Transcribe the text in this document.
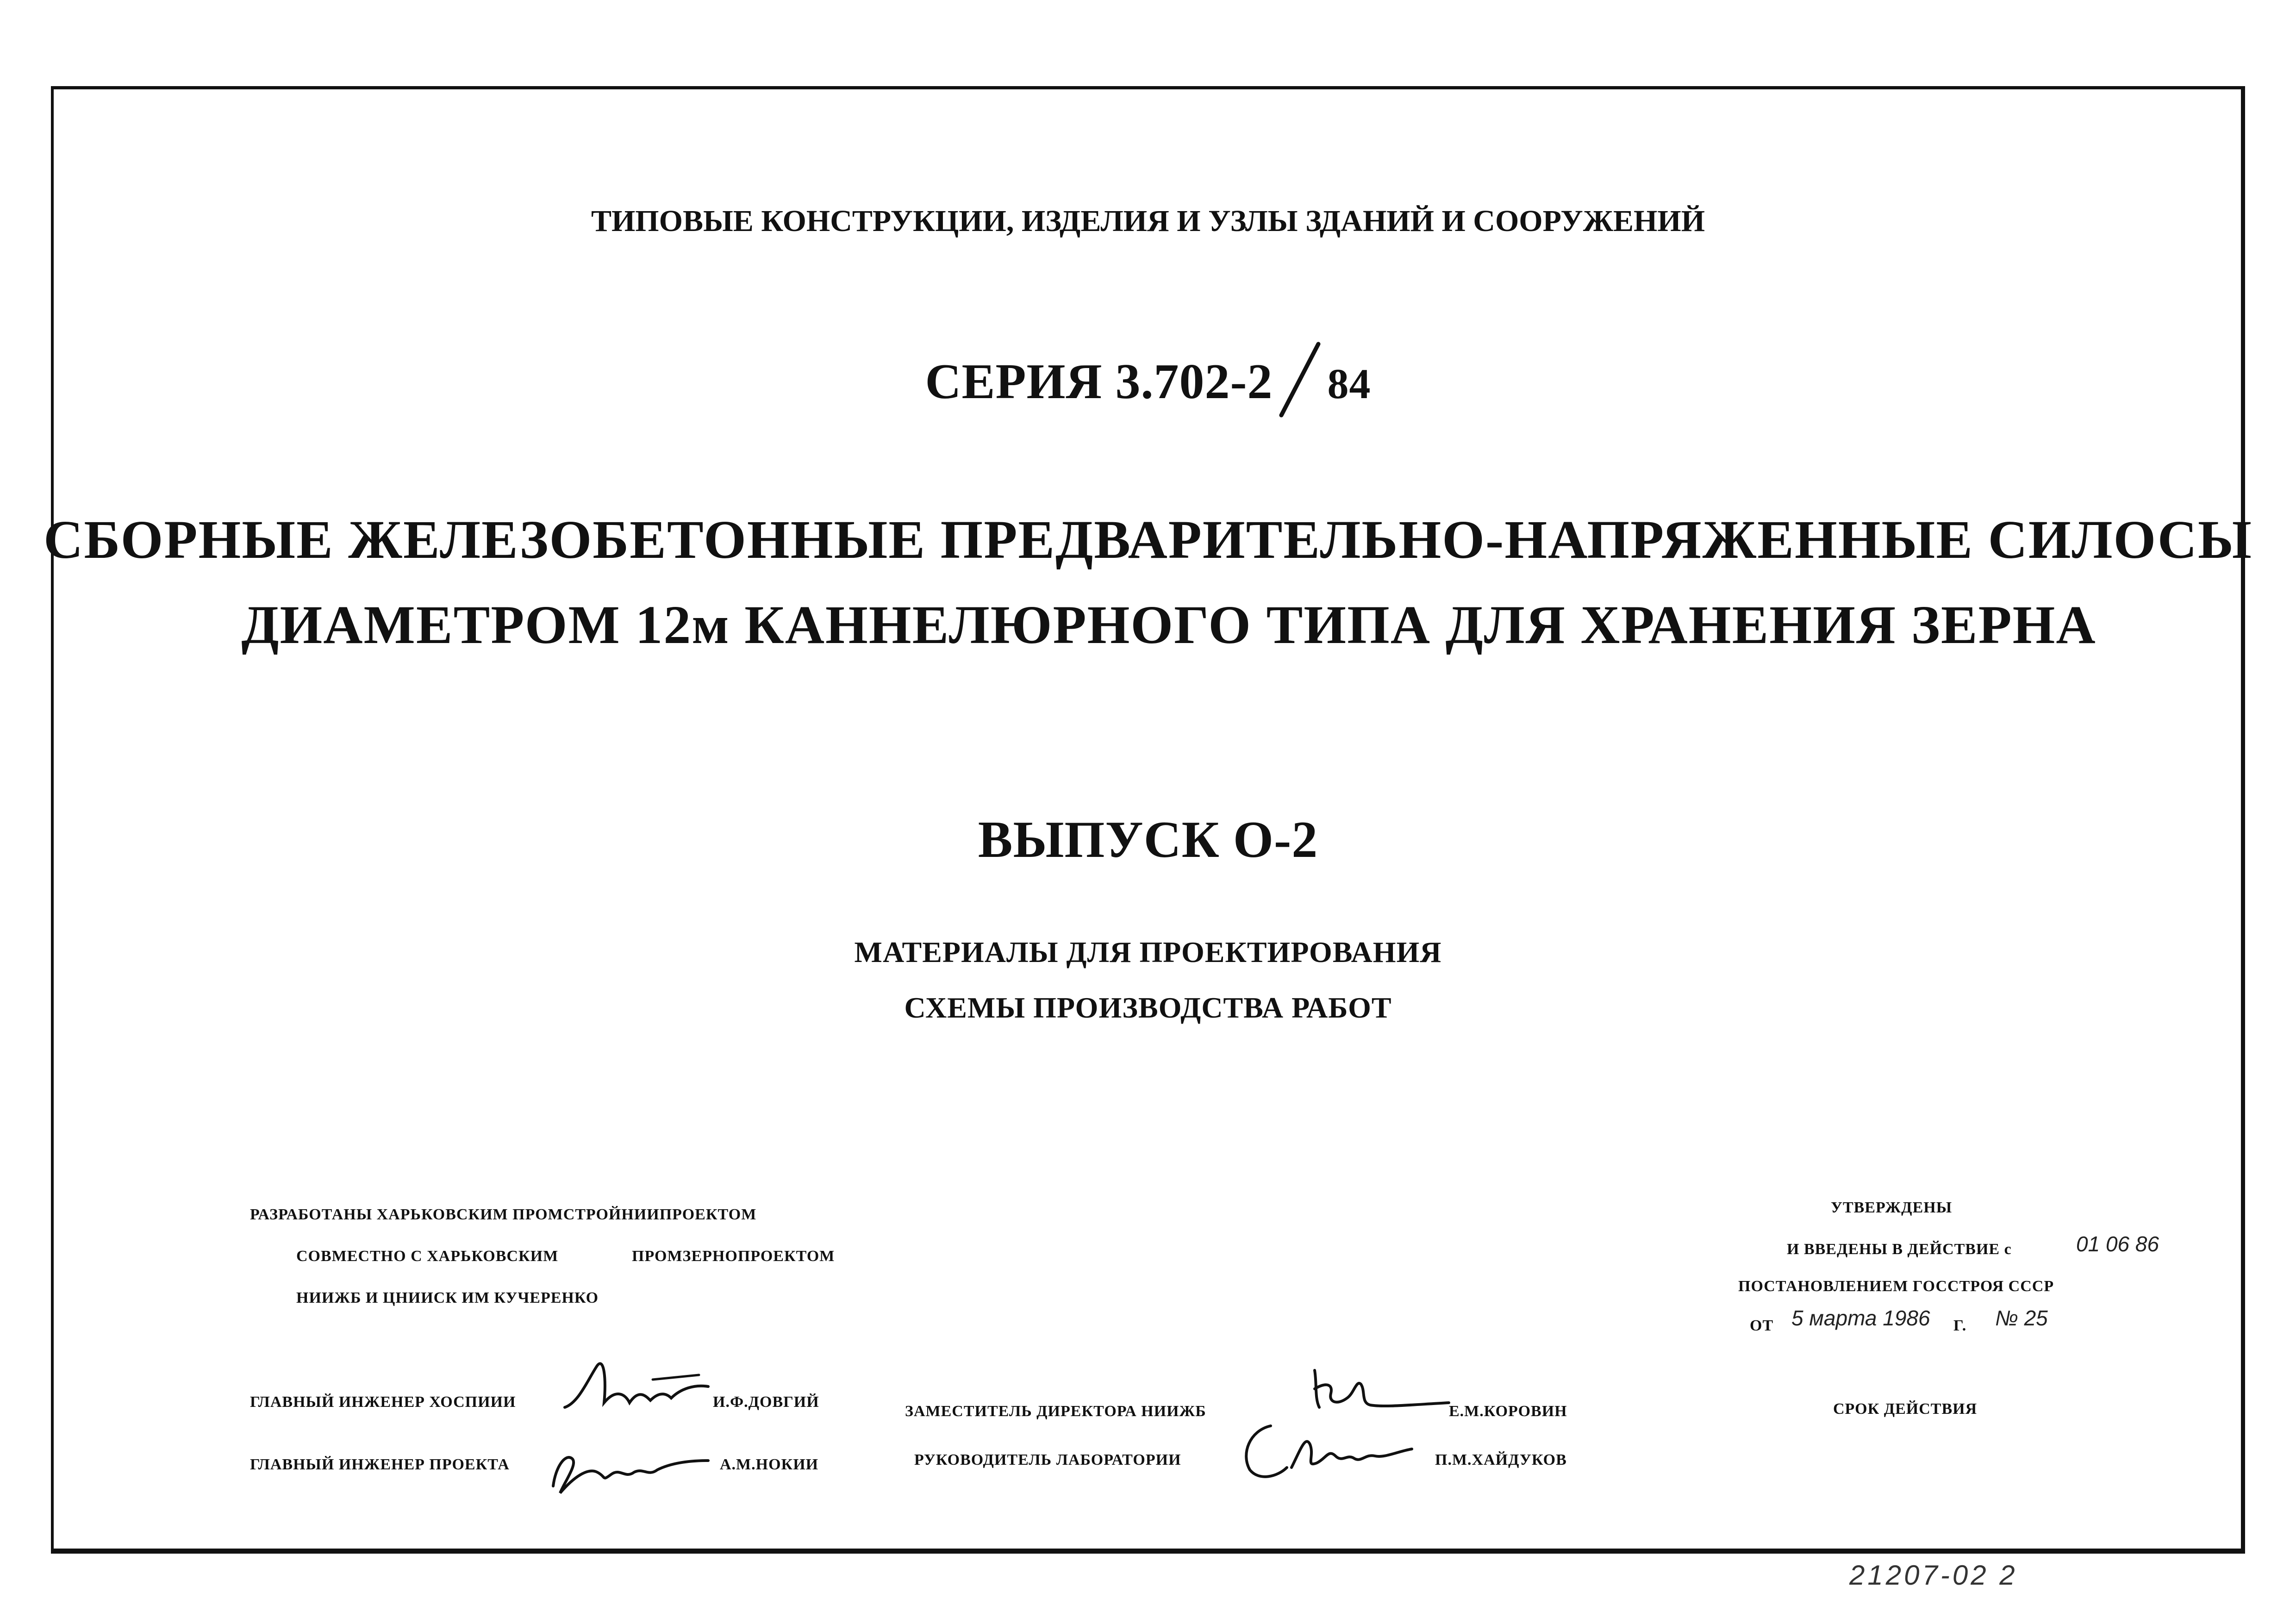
ТИПОВЫЕ КОНСТРУКЦИИ, ИЗДЕЛИЯ И УЗЛЫ ЗДАНИЙ И СООРУЖЕНИЙ
СЕРИЯ 3.702-2 84
СБОРНЫЕ ЖЕЛЕЗОБЕТОННЫЕ ПРЕДВАРИТЕЛЬНО-НАПРЯЖЕННЫЕ СИЛОСЫ
ДИАМЕТРОМ 12м КАННЕЛЮРНОГО ТИПА ДЛЯ ХРАНЕНИЯ ЗЕРНА
ВЫПУСК О-2
МАТЕРИАЛЫ ДЛЯ ПРОЕКТИРОВАНИЯ
СХЕМЫ ПРОИЗВОДСТВА РАБОТ
РАЗРАБОТАНЫ ХАРЬКОВСКИМ ПРОМСТРОЙНИИПРОЕКТОМ
СОВМЕСТНО С ХАРЬКОВСКИМ	ПРОМЗЕРНОПРОЕКТОМ
НИИЖБ И ЦНИИСК ИМ КУЧЕРЕНКО
ГЛАВНЫЙ ИНЖЕНЕР ХОСПИИИ	И.Ф.ДОВГИЙ
ГЛАВНЫЙ ИНЖЕНЕР ПРОЕКТА	А.М.НОКИИ
ЗАМЕСТИТЕЛЬ ДИРЕКТОРА НИИЖБ	Е.М.КОРОВИН
РУКОВОДИТЕЛЬ ЛАБОРАТОРИИ	П.М.ХАЙДУКОВ
УТВЕРЖДЕНЫ
И ВВЕДЕНЫ В ДЕЙСТВИЕ с	01 06 86
ПОСТАНОВЛЕНИЕМ ГОССТРОЯ СССР
ОТ 5 марта 1986 Г. № 25
СРОК ДЕЙСТВИЯ
21207-02 2
